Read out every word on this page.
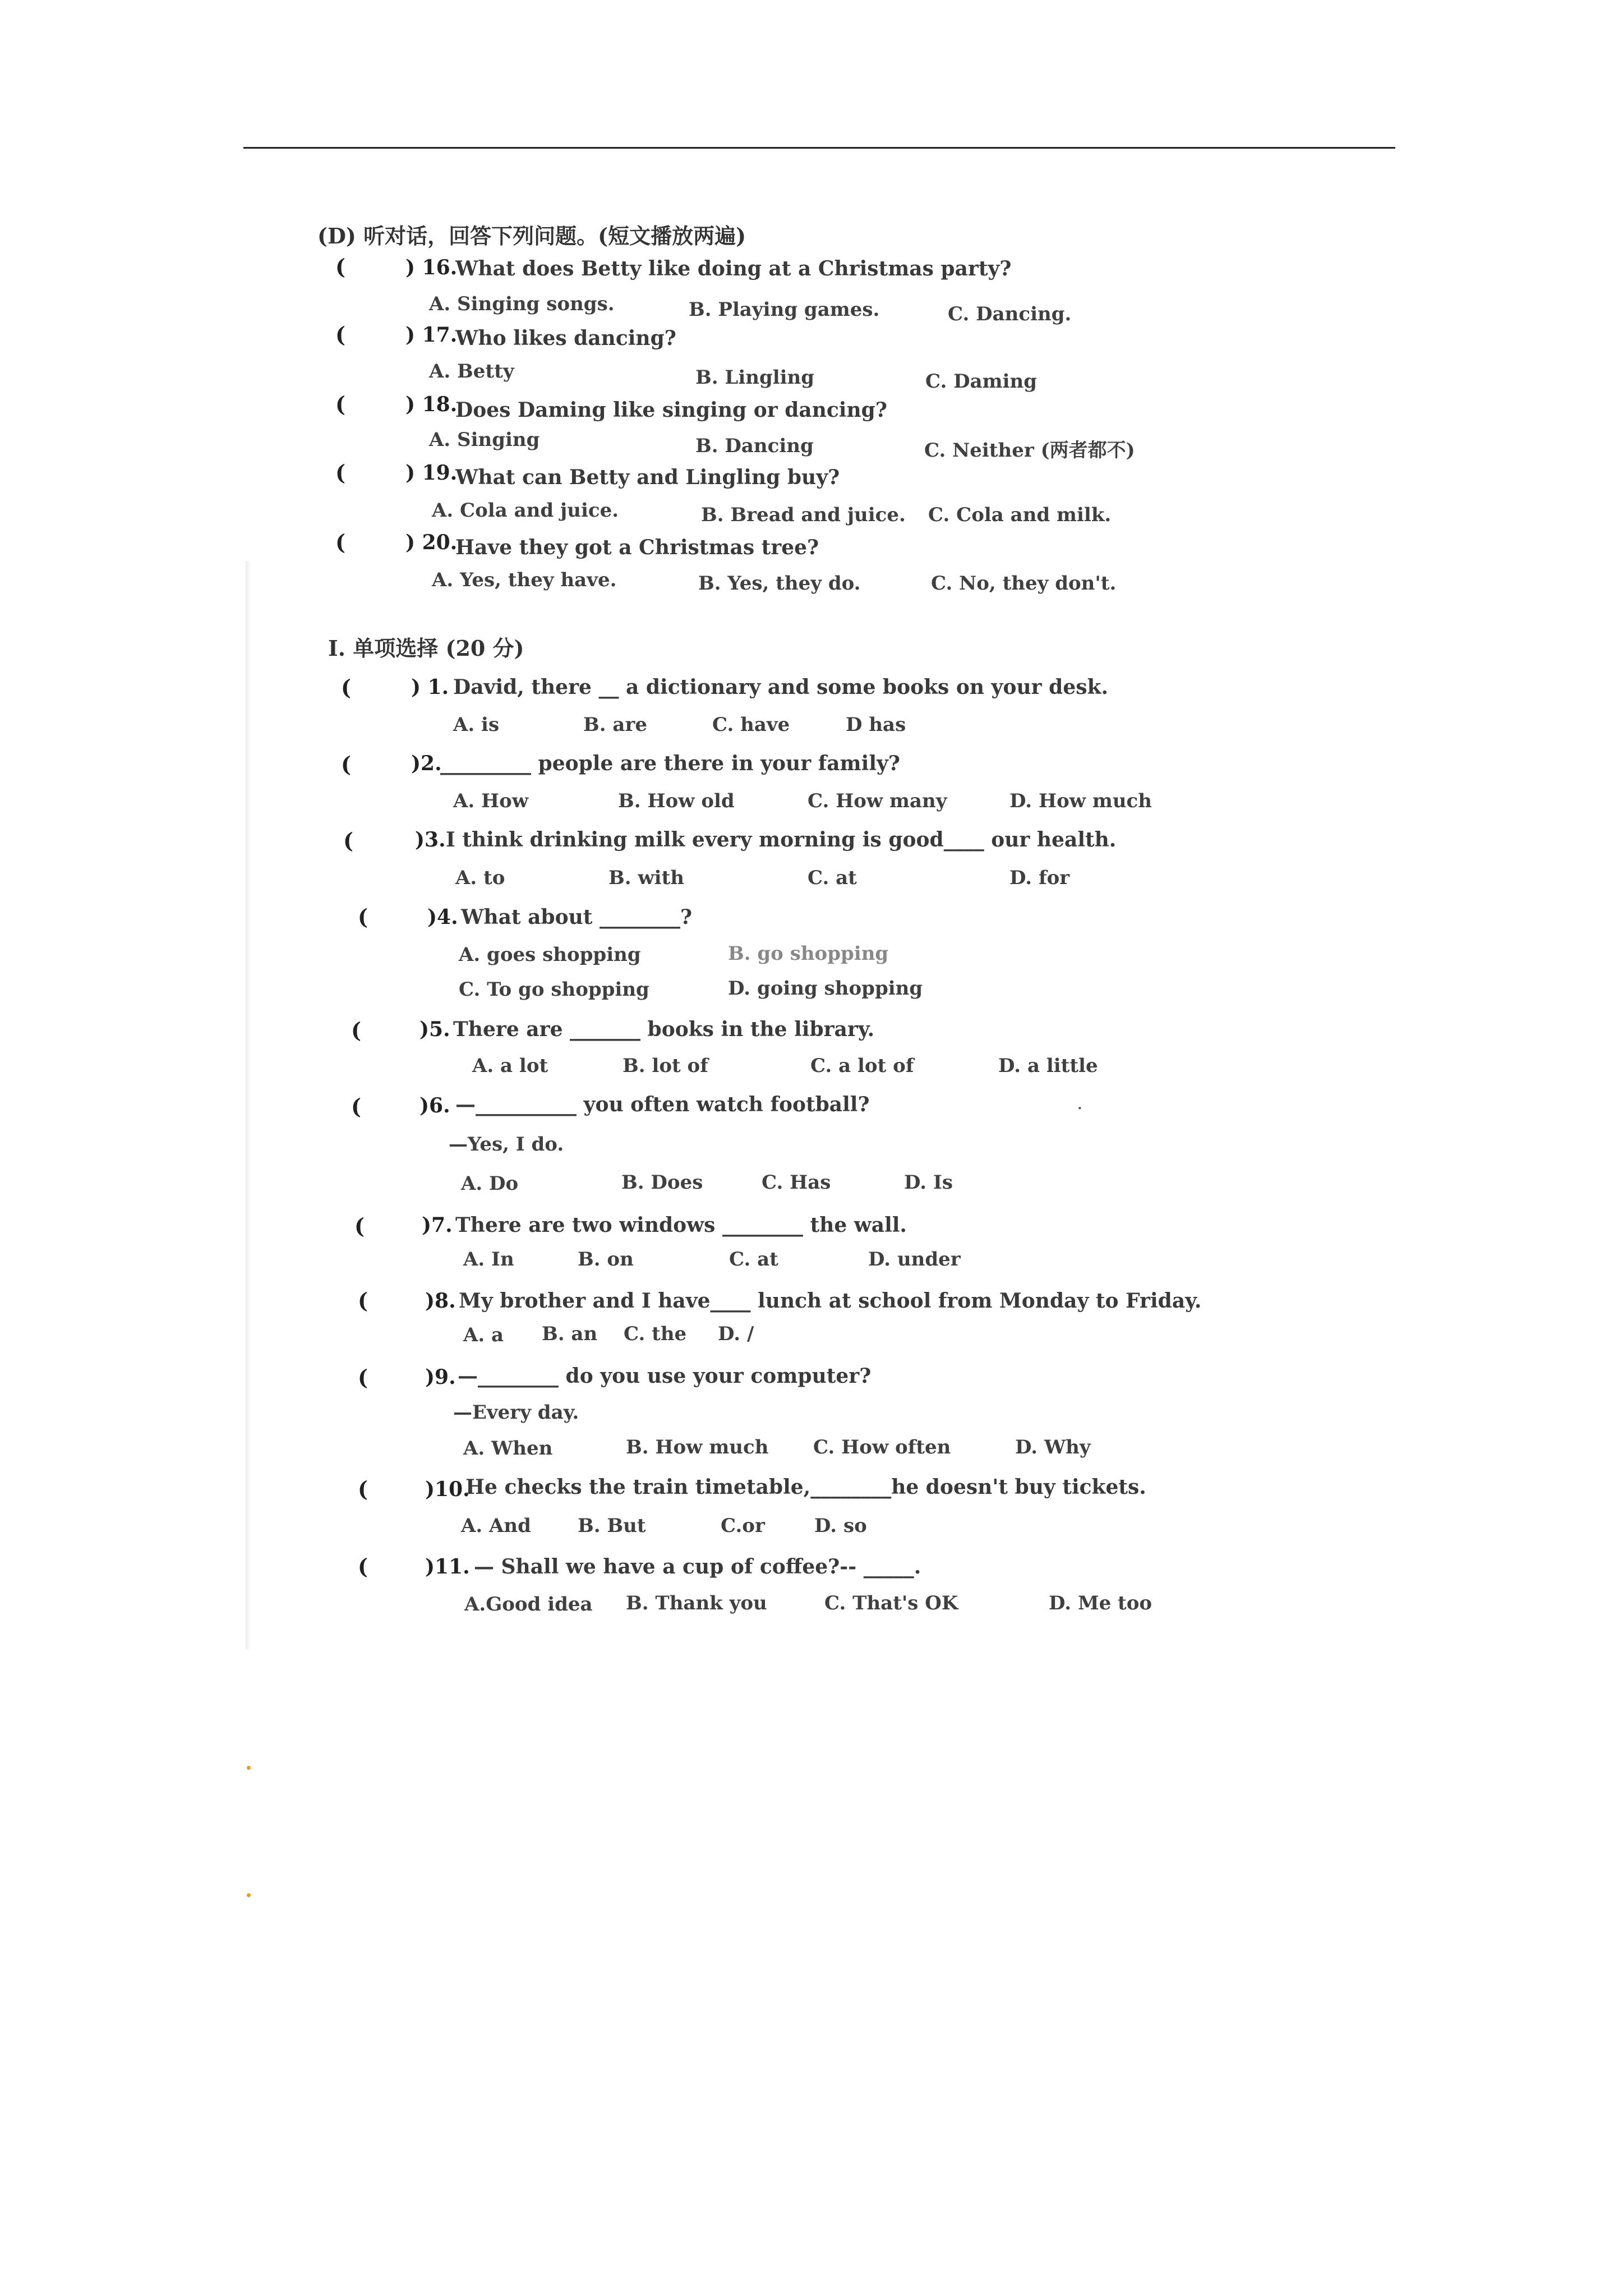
(D) 听对话，回答下列问题。(短文播放两遍)
(	) 16.
What does Betty like doing at a Christmas party?
A. Singing songs.	B. Playing games.	C. Dancing.
(	) 17.
Who likes dancing?
A. Betty	B. Lingling	C. Daming
(	) 18.
Does Daming like singing or dancing?
A. Singing	B. Dancing	C. Neither (两者都不)
(	) 19.
What can Betty and Lingling buy?
A. Cola and juice.	B. Bread and juice. C. Cola and milk.
(	) 20.
Have they got a Christmas tree?
A. Yes, they have.	B. Yes, they do.	C. No, they don't.
I. 单项选择 (20 分)
(	) 1. David, there __ a dictionary and some books on your desk.
A. is	B. are	C. have	D has
(	)2.
_________ people are there in your family?
A. How	B. How old	C. How many	D. How much
(	)3. I think drinking milk every morning is good____ our health.
A. to	B. with	C. at	D. for
(	)4. What about ________?
A. goes shopping	B. go shopping
C. To go shopping	D. going shopping
(	)5. There are _______ books in the library.
A. a lot	B. lot of	C. a lot of	D. a little
(	)6. —__________ you often watch football?	.
—Yes, I do.
A. Do	B. Does	C. Has	D. Is
(	)7. There are two windows ________ the wall.
A. In	B. on	C. at	D. under
(	)8. My brother and I have____ lunch at school from Monday to Friday.
A. a B. an C. the D. /
(	)9. —________ do you use your computer?
—Every day.
A. When	B. How much C. How often	D. Why
(	)10.
He checks the train timetable,________he doesn't buy tickets.
A. And B. But	C.or	D. so
(	)11. — Shall we have a cup of coffee?-- _____.
A.Good idea B. Thank you	C. That's OK	D. Me too
